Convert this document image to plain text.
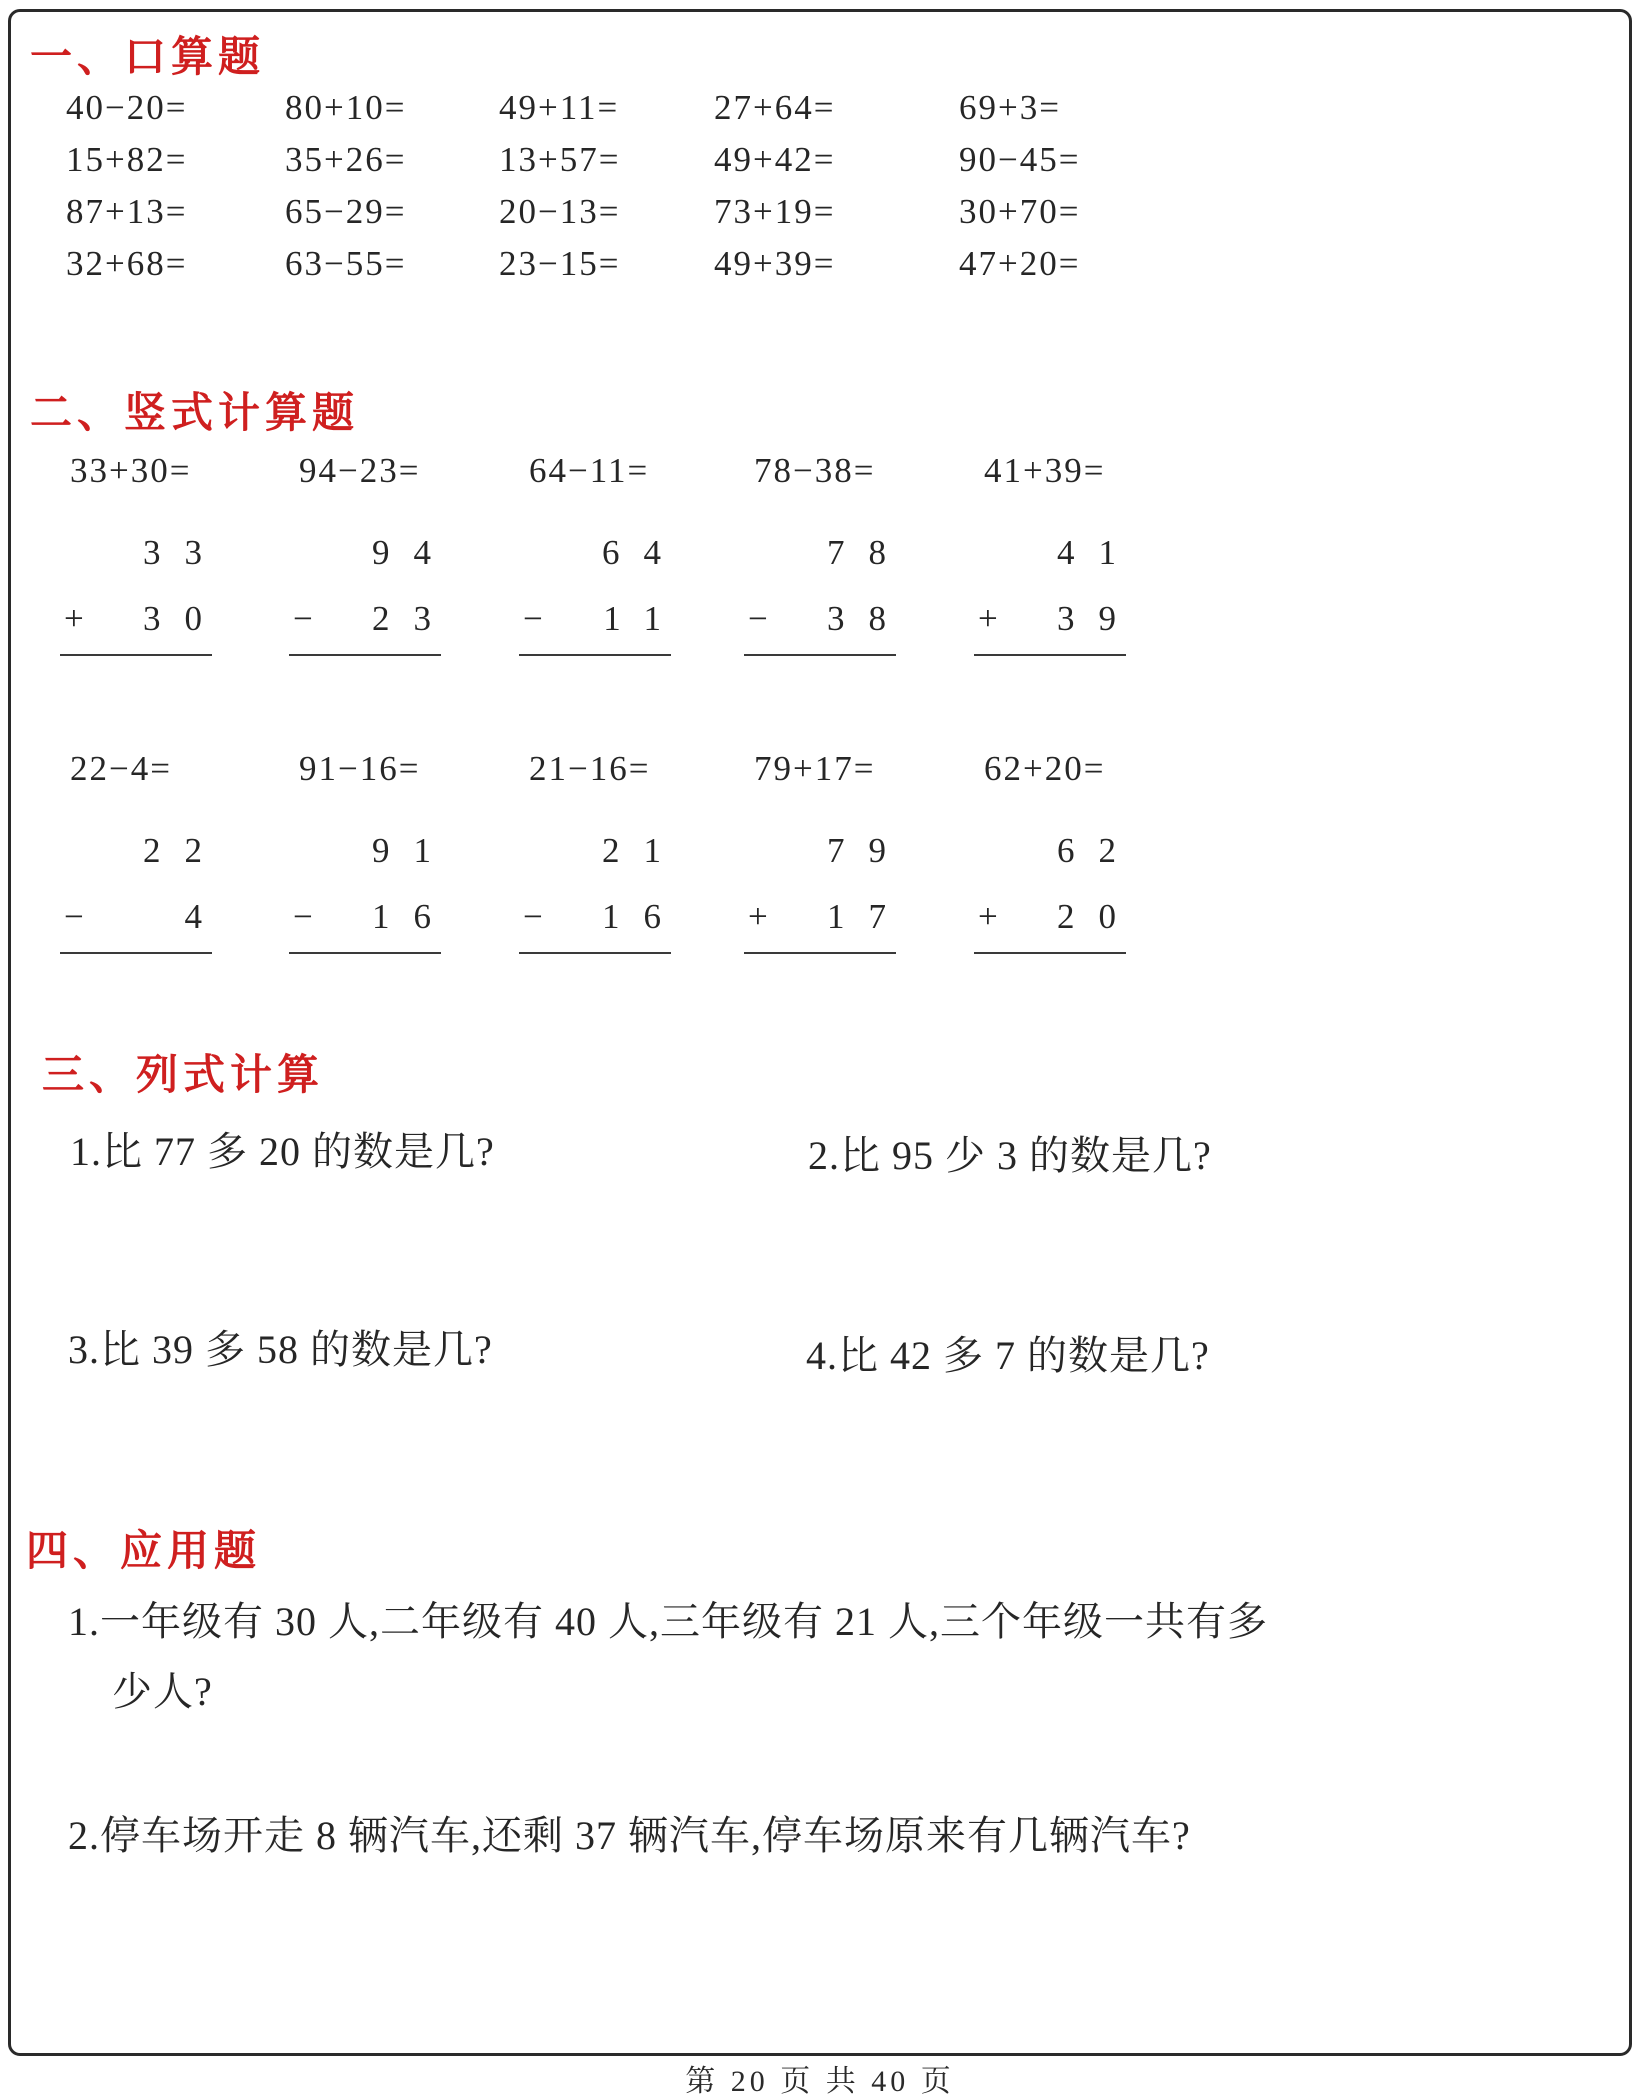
一、口算题
40−20=	80+10=	49+11=	27+64=	69+3=
15+82=	35+26=	13+57=	49+42=	90−45=
87+13=	65−29=	20−13=	73+19=	30+70=
32+68=	63−55=	23−15=	49+39=	47+20=
二、竖式计算题
33+30=
33
+ 30
94−23=
94
− 23
64−11=
64
− 11
78−38=
78
− 38
41+39=
41
+ 39
22−4=
22
−	4
91−16=
91
− 16
21−16=
21
− 16
79+17=
79
+ 17
62+20=
62
+ 20
三、列式计算

1.比 77 多 20 的数是几?	2.比 95 少 3 的数是几?

3.比 39 多 58 的数是几?	4.比 42 多 7 的数是几?

四、应用题

1.一年级有 30 人,二年级有 40 人,三年级有 21 人,三个年级一共有多

少人?

2.停车场开走 8 辆汽车,还剩 37 辆汽车,停车场原来有几辆汽车?

第 20 页 共 40 页
